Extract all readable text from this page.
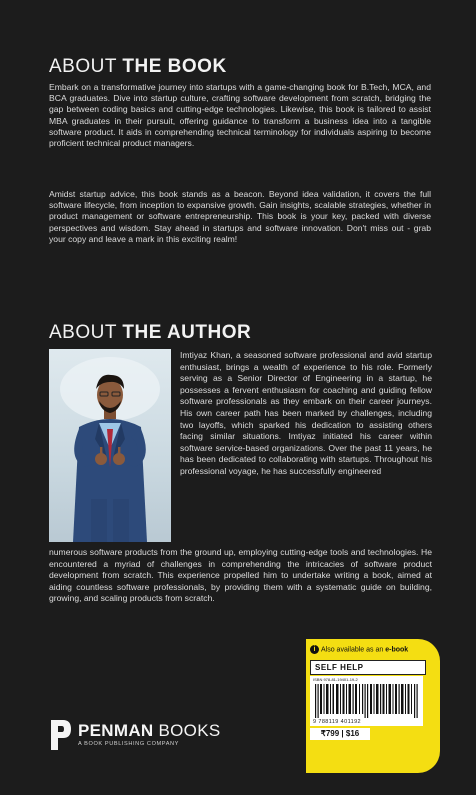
ABOUT THE BOOK

Embark on a transformative journey into startups with a game-changing book for B.Tech, MCA, and BCA graduates. Dive into startup culture, crafting software development from scratch, bridging the gap between coding basics and cutting-edge technologies. Likewise, this book is tailored to assist MBA graduates in their pursuit, offering guidance to transform a business idea into a tangible software product. It aids in comprehending technical terminology for individuals aspiring to become proficient technical product managers.

Amidst startup advice, this book stands as a beacon. Beyond idea validation, it covers the full software lifecycle, from inception to expansive growth. Gain insights, scalable strategies, whether in product management or software entrepreneurship. This book is your key, packed with diverse perspectives and wisdom. Stay ahead in startups and software innovation. Don't miss out - grab your copy and leave a mark in this exciting realm!

ABOUT THE AUTHOR

Imtiyaz Khan, a seasoned software professional and avid startup enthusiast, brings a wealth of experience to his role. Formerly serving as a Senior Director of Engineering in a startup, he possesses a fervent enthusiasm for coaching and guiding fellow software professionals as they embark on their career journeys. His own career path has been marked by challenges, including two layoffs, which sparked his dedication to assisting others facing similar situations. Imtiyaz initiated his career within software service-based organizations. Over the past 11 years, he has been dedicated to collaborating with startups. Throughout his professional voyage, he has successfully engineered

numerous software products from the ground up, employing cutting-edge tools and technologies. He encountered a myriad of challenges in comprehending the intricacies of software product development from scratch. This experience propelled him to undertake writing a book, aimed at aiding countless software professionals, by providing them with a systematic guide on building, growing, and scaling products from scratch.

PENMAN BOOKS
A BOOK PUBLISHING COMPANY
i Also available as an e-book
SELF HELP
ISBN 978-81-19401-19-2
9 788119 401192
₹799 | $16
